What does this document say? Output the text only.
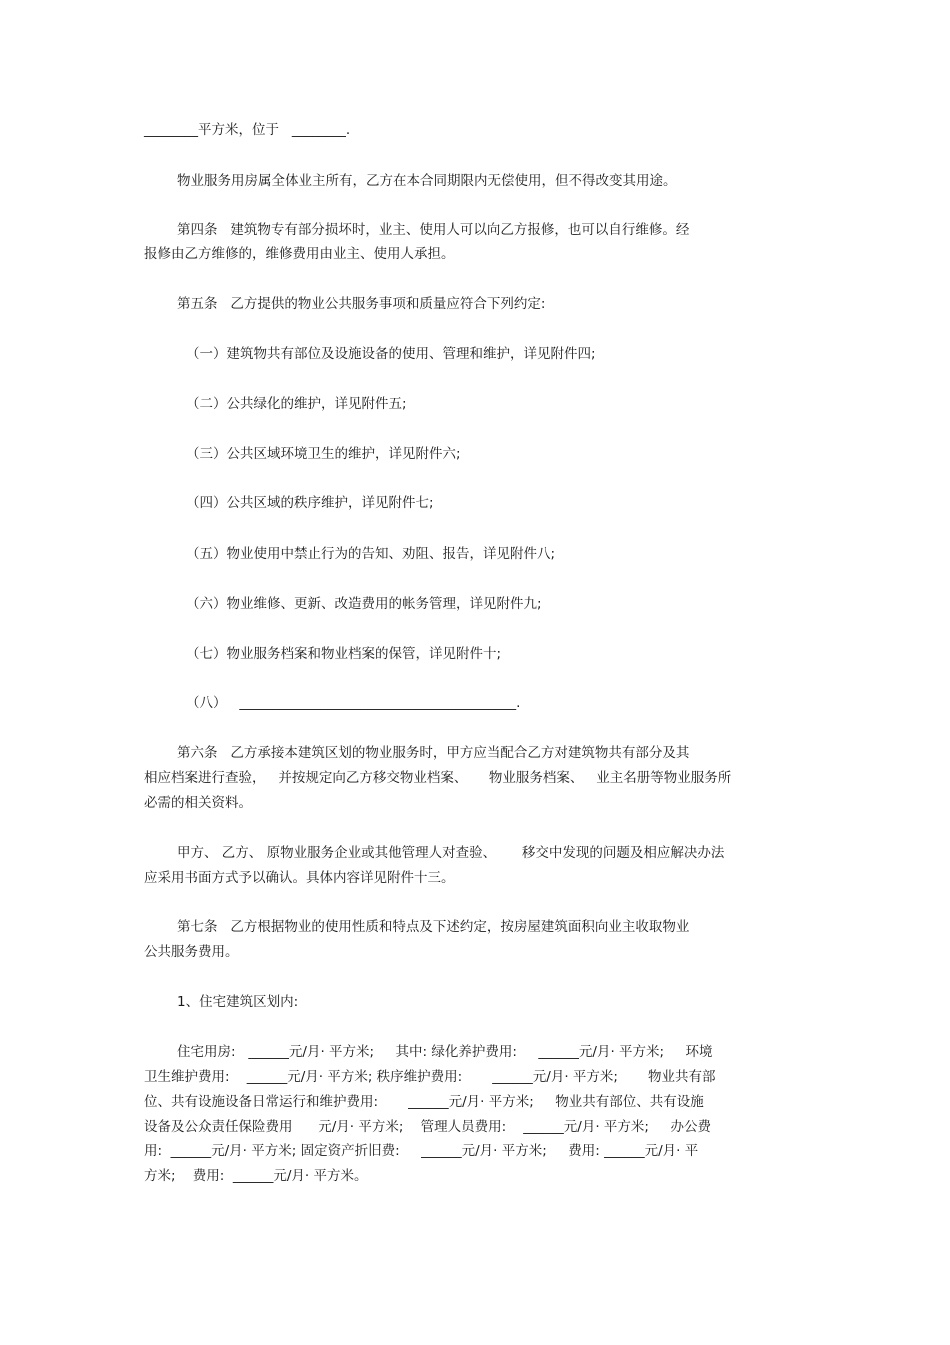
________平方米，位于   ________.
物业服务用房属全体业主所有，乙方在本合同期限内无偿使用，但不得改变其用途。
第四条   建筑物专有部分损坏时，业主、使用人可以向乙方报修，也可以自行维修。经
报修由乙方维修的，维修费用由业主、使用人承担。
第五条   乙方提供的物业公共服务事项和质量应符合下列约定:
（一）建筑物共有部位及设施设备的使用、管理和维护，详见附件四;
（二）公共绿化的维护，详见附件五;
（三）公共区域环境卫生的维护，详见附件六;
（四）公共区域的秩序维护，详见附件七;
（五）物业使用中禁止行为的告知、劝阻、报告，详见附件八;
（六）物业维修、更新、改造费用的帐务管理，详见附件九;
（七）物业服务档案和物业档案的保管，详见附件十;
（八）   _________________________________________.
第六条   乙方承接本建筑区划的物业服务时，甲方应当配合乙方对建筑物共有部分及其
相应档案进行查验，   并按规定向乙方移交物业档案、     物业服务档案、   业主名册等物业服务所
必需的相关资料。
甲方、 乙方、 原物业服务企业或其他管理人对查验、      移交中发现的问题及相应解决办法
应采用书面方式予以确认。具体内容详见附件十三。
第七条   乙方根据物业的使用性质和特点及下述约定，按房屋建筑面积向业主收取物业
公共服务费用。
1、住宅建筑区划内:
住宅用房:   ______元/月· 平方米;     其中: 绿化养护费用:     ______元/月· 平方米;     环境
卫生维护费用:    ______元/月· 平方米; 秩序维护费用:       ______元/月· 平方米;       物业共有部
位、共有设施设备日常运行和维护费用:       ______元/月· 平方米;     物业共有部位、共有设施
设备及公众责任保险费用      元/月· 平方米;    管理人员费用:    ______元/月· 平方米;     办公费
用:  ______元/月· 平方米; 固定资产折旧费:     ______元/月· 平方米;     费用: ______元/月· 平
方米;    费用:  ______元/月· 平方米。
